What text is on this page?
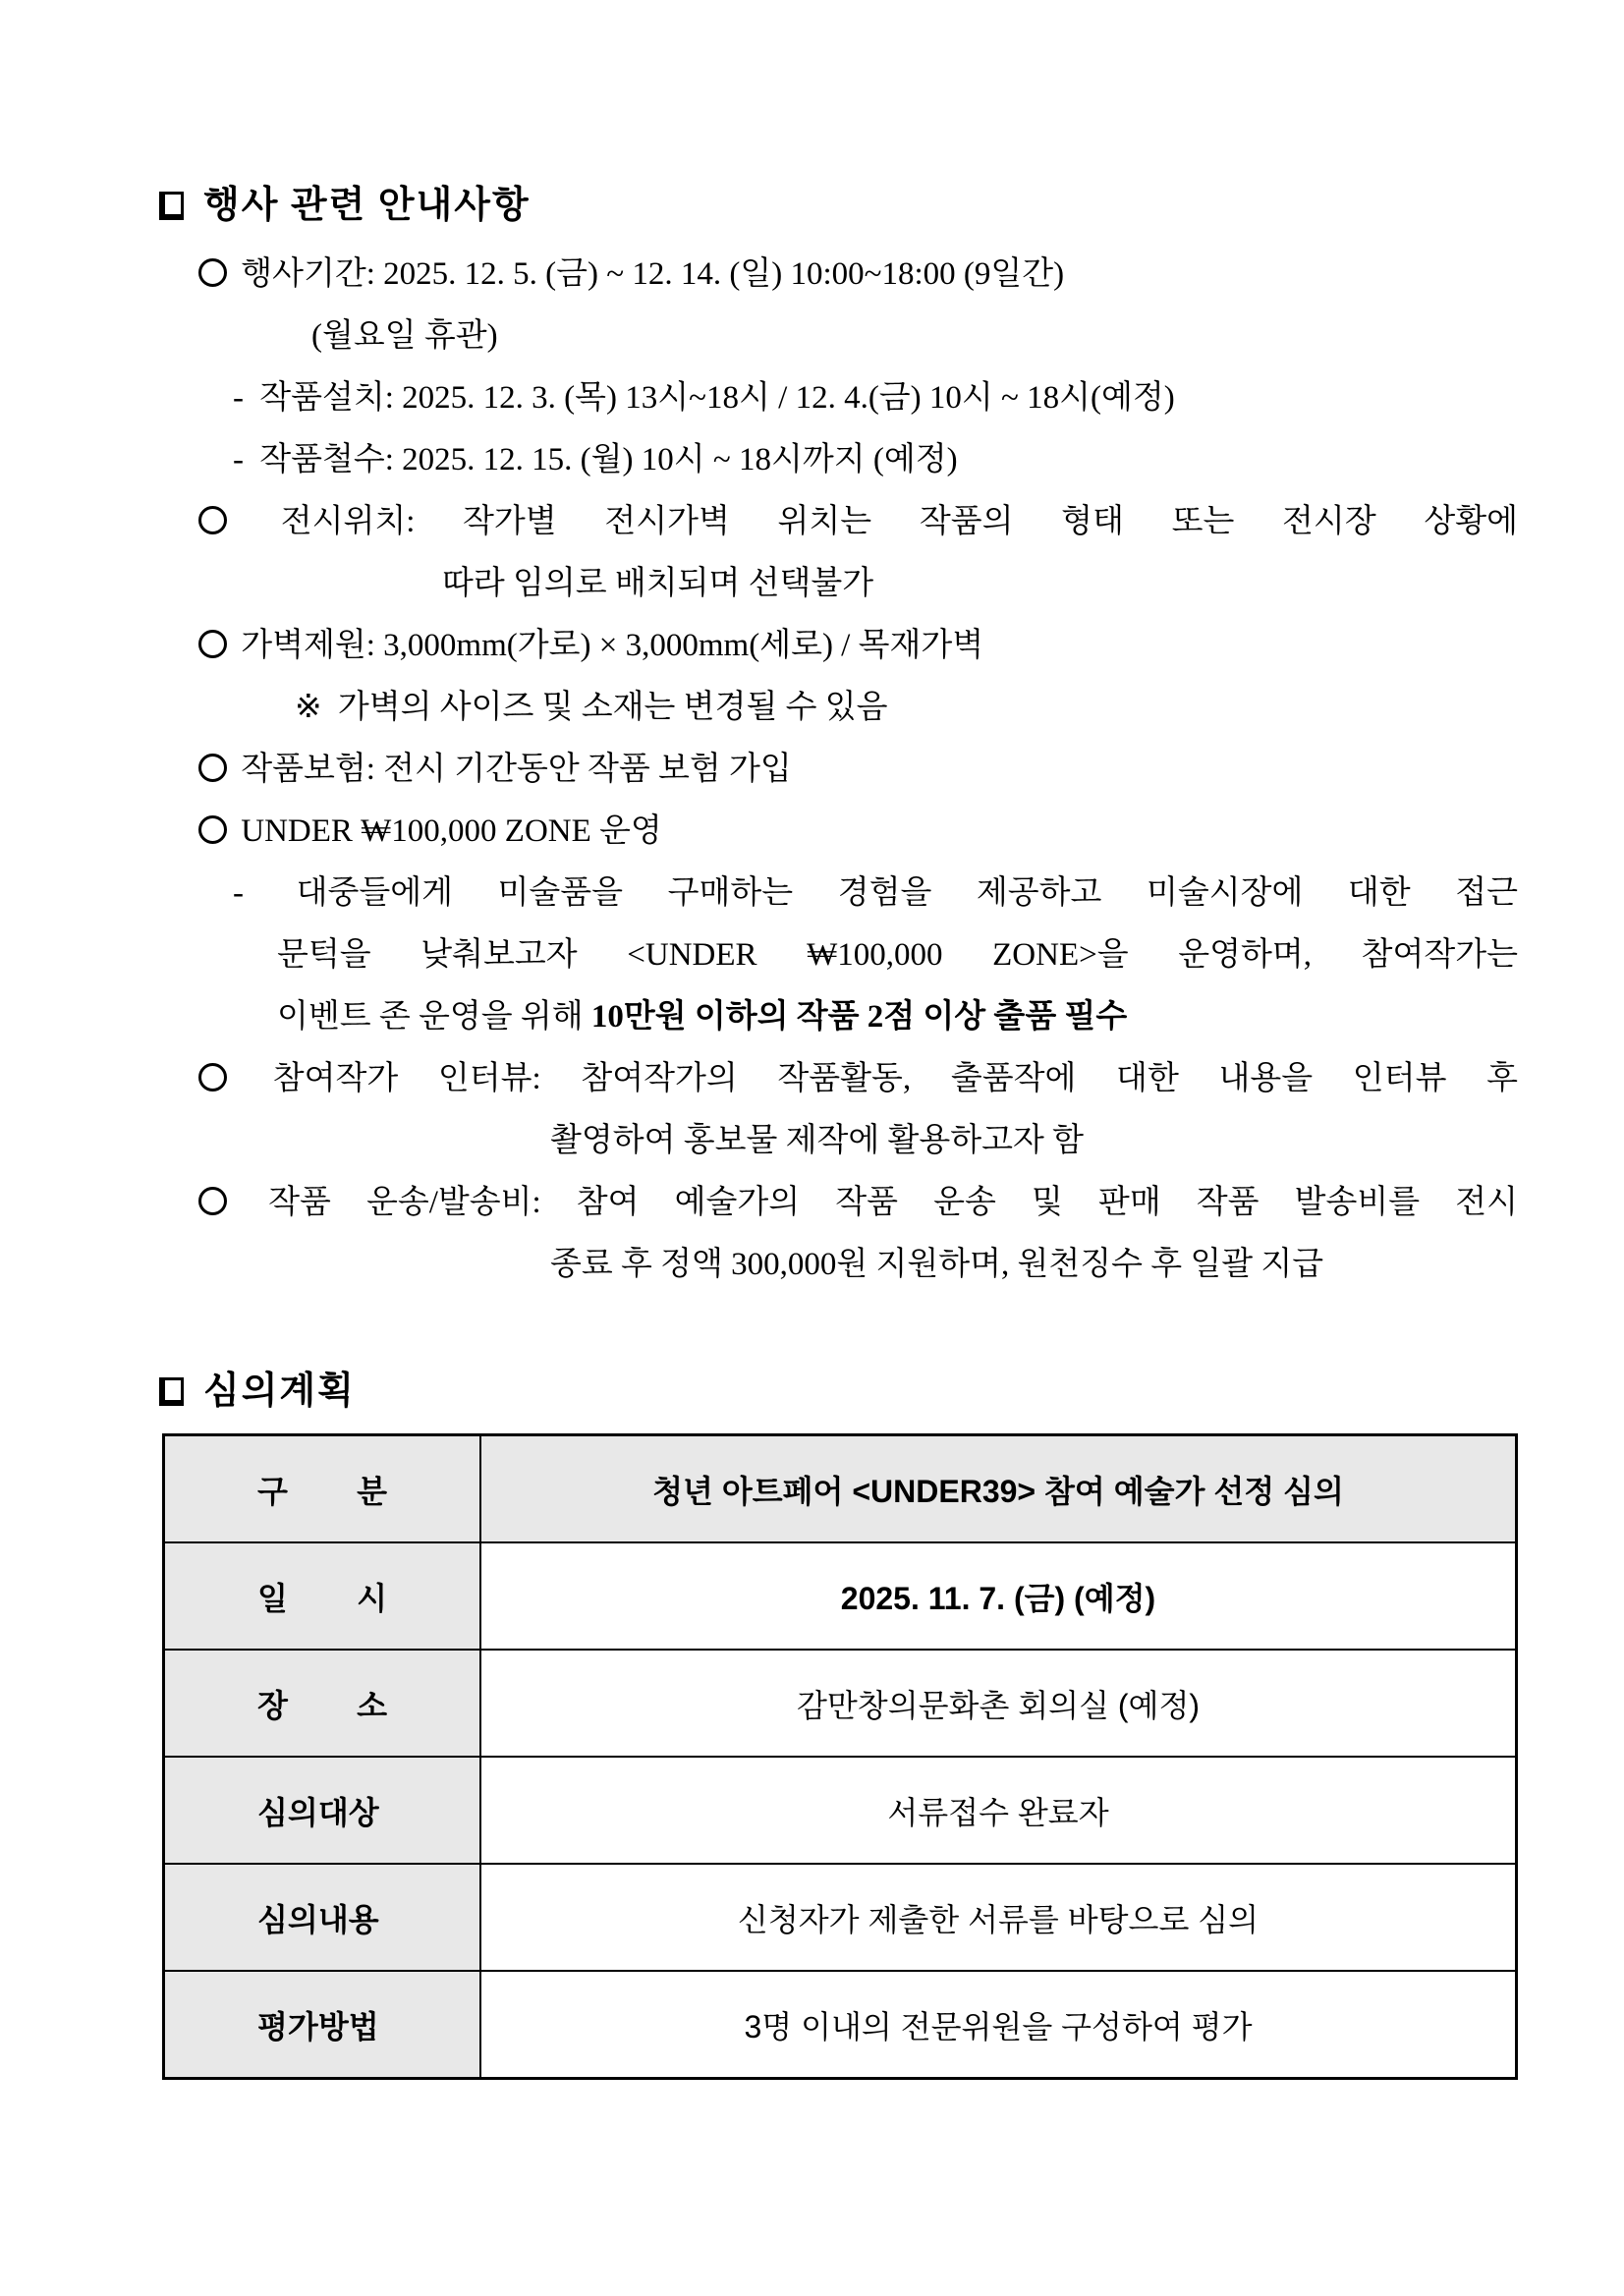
행사 관련 안내사항
행사기간: 2025. 12. 5. (금) ~ 12. 14. (일) 10:00~18:00 (9일간)
(월요일 휴관)
- 작품설치: 2025. 12. 3. (목) 13시~18시 / 12. 4.(금) 10시 ~ 18시(예정)
- 작품철수: 2025. 12. 15. (월) 10시 ~ 18시까지 (예정)
전시위치: 작가별 전시가벽 위치는 작품의 형태 또는 전시장 상황에
따라 임의로 배치되며 선택불가
가벽제원: 3,000mm(가로) × 3,000mm(세로) / 목재가벽
※ 가벽의 사이즈 및 소재는 변경될 수 있음
작품보험: 전시 기간동안 작품 보험 가입
UNDER ₩100,000 ZONE 운영
- 대중들에게 미술품을 구매하는 경험을 제공하고 미술시장에 대한 접근
문턱을 낮춰보고자 <UNDER ₩100,000 ZONE>을 운영하며, 참여작가는
이벤트 존 운영을 위해 10만원 이하의 작품 2점 이상 출품 필수
참여작가 인터뷰: 참여작가의 작품활동, 출품작에 대한 내용을 인터뷰 후
촬영하여 홍보물 제작에 활용하고자 함
작품 운송/발송비: 참여 예술가의 작품 운송 및 판매 작품 발송비를 전시
종료 후 정액 300,000원 지원하며, 원천징수 후 일괄 지급
심의계획
구 분	청년 아트페어 <UNDER39> 참여 예술가 선정 심의
일 시	2025. 11. 7. (금) (예정)
장 소	감만창의문화촌 회의실 (예정)
심의대상	서류접수 완료자
심의내용	신청자가 제출한 서류를 바탕으로 심의
평가방법	3명 이내의 전문위원을 구성하여 평가
